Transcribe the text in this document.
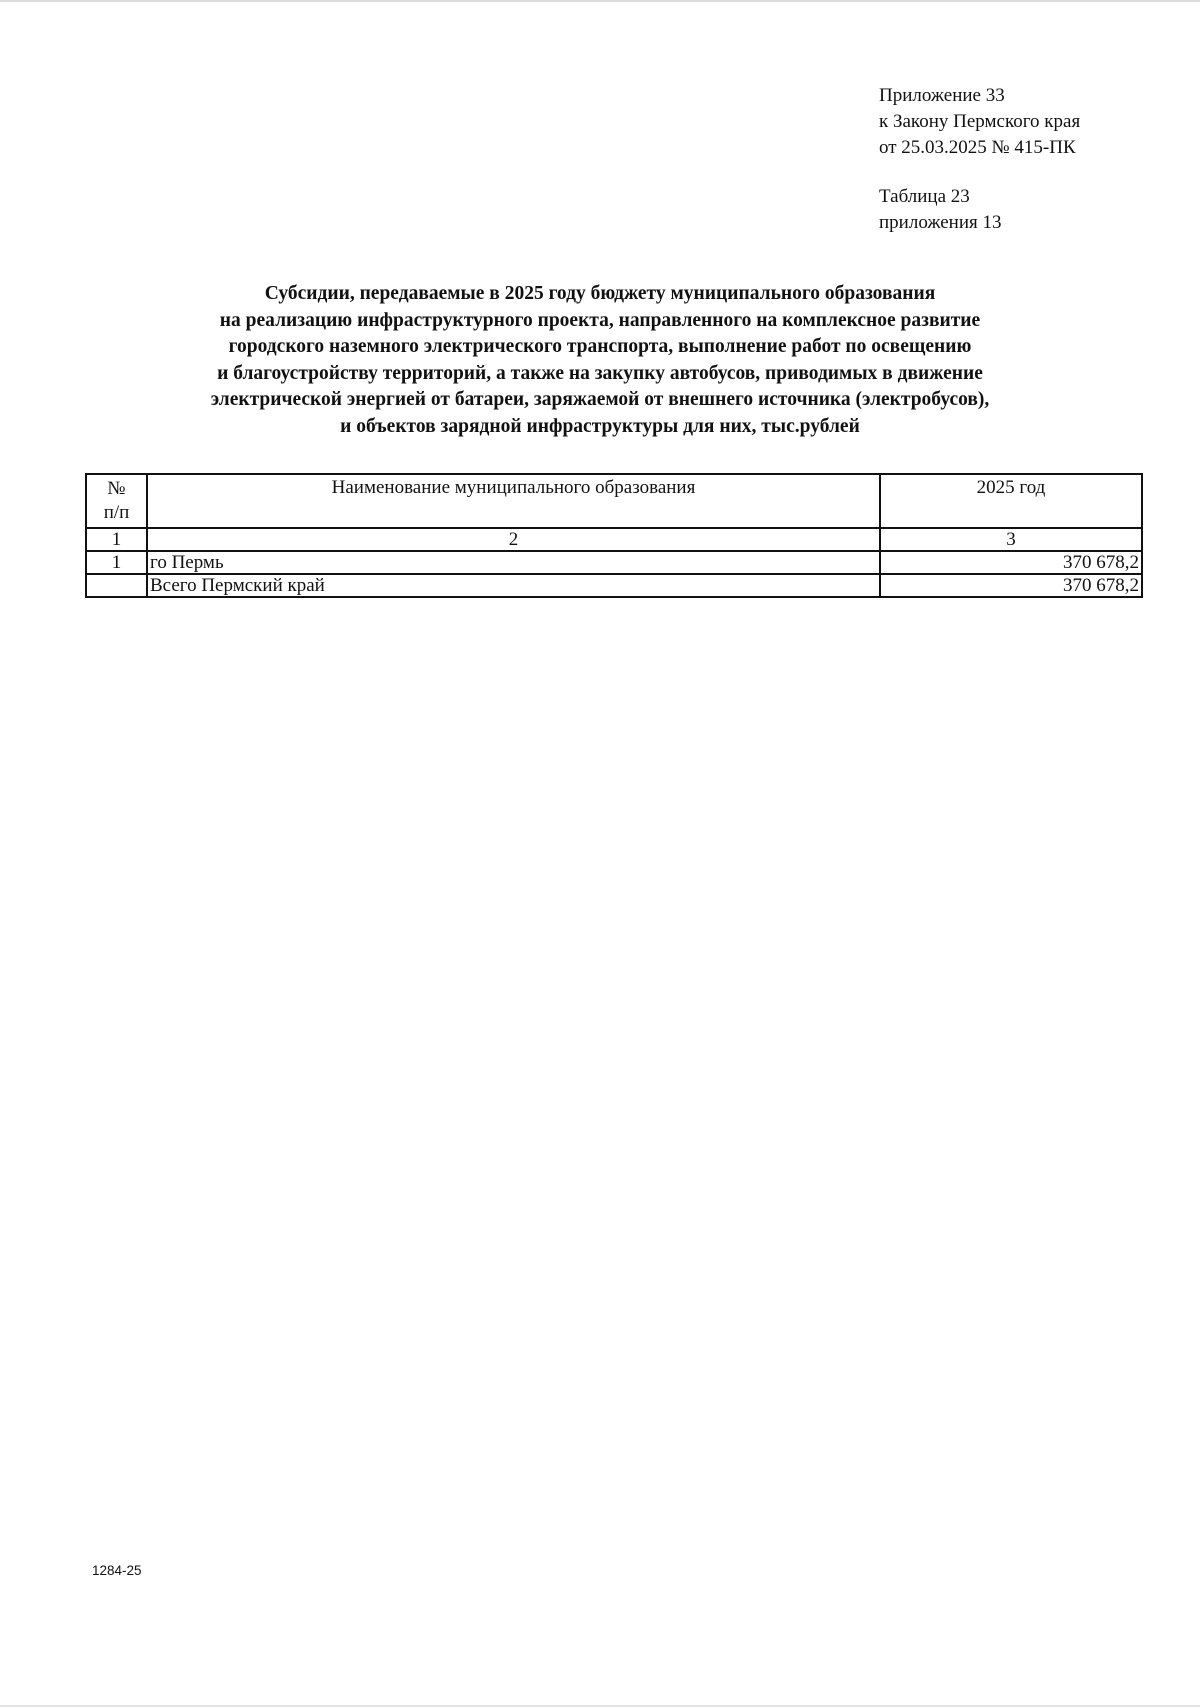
Приложение 33
к Закону Пермского края
от 25.03.2025 № 415-ПК
Таблица 23
приложения 13
Субсидии, передаваемые в 2025 году бюджету муниципального образования
на реализацию инфраструктурного проекта, направленного на комплексное развитие
городского наземного электрического транспорта, выполнение работ по освещению
и благоустройству территорий, а также на закупку автобусов, приводимых в движение
электрической энергией от батареи, заряжаемой от внешнего источника (электробусов),
и объектов зарядной инфраструктуры для них, тыс.рублей
№
п/п	Наименование муниципального образования	2025 год
1	2	3
1	го Пермь	370 678,2
	Всего Пермский край	370 678,2
1284-25
